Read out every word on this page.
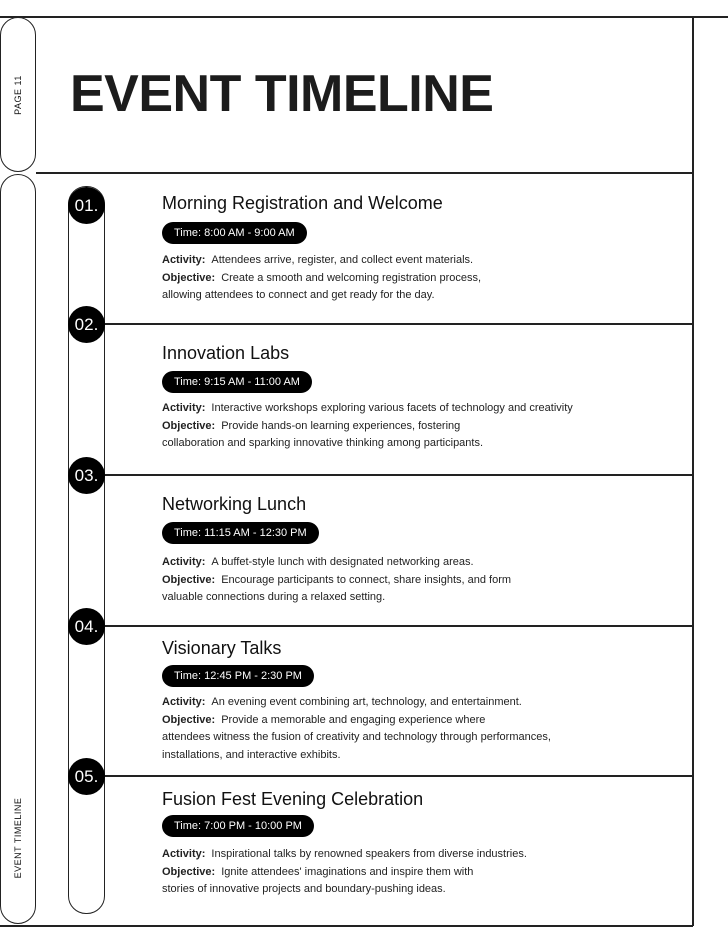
PAGE 11
EVENT TIMELINE
EVENT TIMELINE
01.	Morning Registration and Welcome
Time: 8:00 AM - 9:00 AM
Activity: Attendees arrive, register, and collect event materials.
Objective: Create a smooth and welcoming registration process,
allowing attendees to connect and get ready for the day.
02.
Innovation Labs
Time: 9:15 AM - 11:00 AM
Activity: Interactive workshops exploring various facets of technology and creativity
Objective: Provide hands-on learning experiences, fostering
collaboration and sparking innovative thinking among participants.
03.
Networking Lunch
Time: 11:15 AM - 12:30 PM
Activity: A buffet-style lunch with designated networking areas.
Objective: Encourage participants to connect, share insights, and form
valuable connections during a relaxed setting.
04.
Visionary Talks
Time: 12:45 PM - 2:30 PM
Activity: An evening event combining art, technology, and entertainment.
Objective: Provide a memorable and engaging experience where
attendees witness the fusion of creativity and technology through performances, installations, and interactive exhibits.
05.
Fusion Fest Evening Celebration
Time: 7:00 PM - 10:00 PM
Activity: Inspirational talks by renowned speakers from diverse industries.
Objective: Ignite attendees' imaginations and inspire them with
stories of innovative projects and boundary-pushing ideas.
